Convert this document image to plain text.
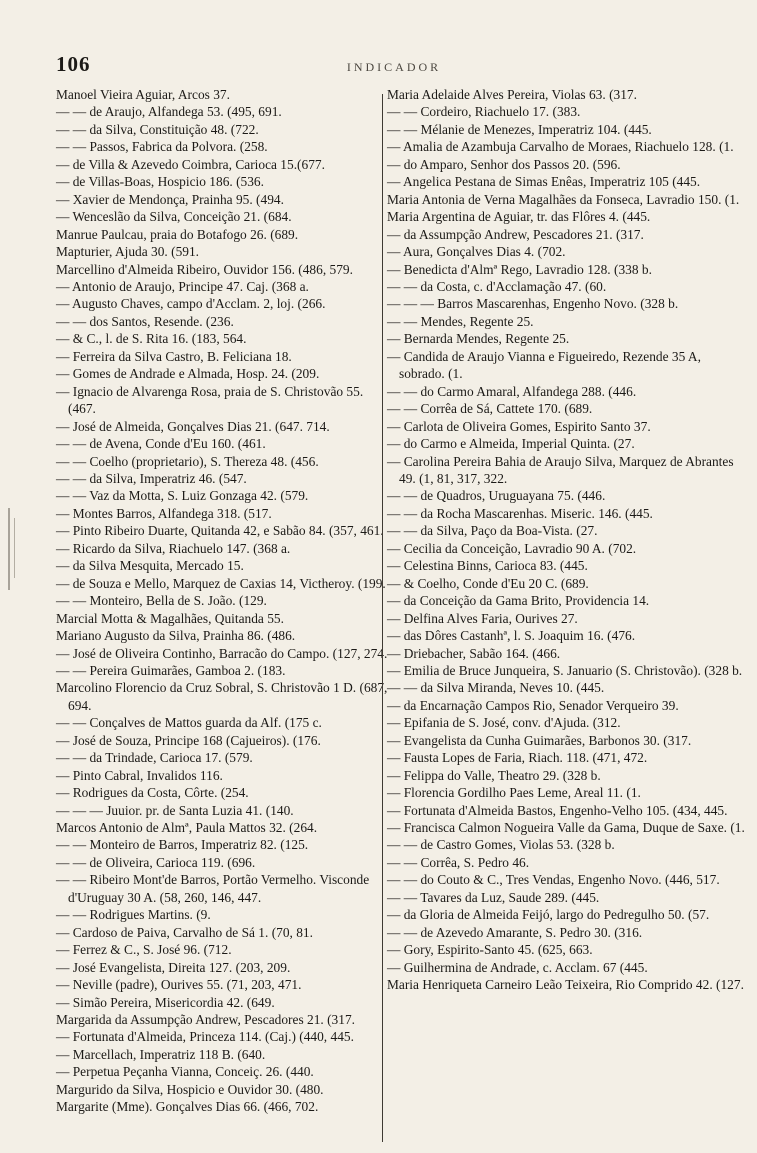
106	INDICADOR

Manoel Vieira Aguiar, Arcos 37.

— — de Araujo, Alfandega 53. (495, 691.

— — da Silva, Constituição 48. (722.

— — Passos, Fabrica da Polvora. (258.

— de Villa & Azevedo Coimbra, Carioca 15.(677.

— de Villas-Boas, Hospicio 186. (536.

— Xavier de Mendonça, Prainha 95. (494.

— Wenceslão da Silva, Conceição 21. (684.

Manrue Paulcau, praia do Botafogo 26. (689.

Mapturier, Ajuda 30. (591.

Marcellino d'Almeida Ribeiro, Ouvidor 156. (486, 579.

— Antonio de Araujo, Principe 47. Caj. (368 a.

— Augusto Chaves, campo d'Acclam. 2, loj. (266.

— — dos Santos, Resende. (236.

— & C., l. de S. Rita 16. (183, 564.

— Ferreira da Silva Castro, B. Feliciana 18.

— Gomes de Andrade e Almada, Hosp. 24. (209.

— Ignacio de Alvarenga Rosa, praia de S. Christovão 55. (467.

— José de Almeida, Gonçalves Dias 21. (647. 714.

— — de Avena, Conde d'Eu 160. (461.

— — Coelho (proprietario), S. Thereza 48. (456.

— — da Silva, Imperatriz 46. (547.

— — Vaz da Motta, S. Luiz Gonzaga 42. (579.

— Montes Barros, Alfandega 318. (517.

— Pinto Ribeiro Duarte, Quitanda 42, e Sabão 84. (357, 461.

— Ricardo da Silva, Riachuelo 147. (368 a.

— da Silva Mesquita, Mercado 15.

— de Souza e Mello, Marquez de Caxias 14, Victheroy. (199.

— — Monteiro, Bella de S. João. (129.

Marcial Motta & Magalhães, Quitanda 55.

Mariano Augusto da Silva, Prainha 86. (486.

— José de Oliveira Continho, Barracão do Campo. (127, 274.

— — Pereira Guimarães, Gamboa 2. (183.

Marcolino Florencio da Cruz Sobral, S. Christovão 1 D. (687, 694.

— — Conçalves de Mattos guarda da Alf. (175 c.

— José de Souza, Principe 168 (Cajueiros). (176.

— — da Trindade, Carioca 17. (579.

— Pinto Cabral, Invalidos 116.

— Rodrigues da Costa, Côrte. (254.

— — — Juuior. pr. de Santa Luzia 41. (140.

Marcos Antonio de Almª, Paula Mattos 32. (264.

— — Monteiro de Barros, Imperatriz 82. (125.

— — de Oliveira, Carioca 119. (696.

— — Ribeiro Mont'de Barros, Portão Vermelho. Visconde d'Uruguay 30 A. (58, 260, 146, 447.

— — Rodrigues Martins. (9.

— Cardoso de Paiva, Carvalho de Sá 1. (70, 81.

— Ferrez & C., S. José 96. (712.

— José Evangelista, Direita 127. (203, 209.

— Neville (padre), Ourives 55. (71, 203, 471.

— Simão Pereira, Misericordia 42. (649.

Margarida da Assumpção Andrew, Pescadores 21. (317.

— Fortunata d'Almeida, Princeza 114. (Caj.) (440, 445.

— Marcellach, Imperatriz 118 B. (640.

— Perpetua Peçanha Vianna, Conceiç. 26. (440.

Margurido da Silva, Hospicio e Ouvidor 30. (480.

Margarite (Mme). Gonçalves Dias 66. (466, 702.

Maria Adelaide Alves Pereira, Violas 63. (317.

— — Cordeiro, Riachuelo 17. (383.

— — Mélanie de Menezes, Imperatriz 104. (445.

— Amalia de Azambuja Carvalho de Moraes, Riachuelo 128. (1.

— do Amparo, Senhor dos Passos 20. (596.

— Angelica Pestana de Simas Enêas, Imperatriz 105 (445.

Maria Antonia de Verna Magalhães da Fonseca, Lavradio 150. (1.

Maria Argentina de Aguiar, tr. das Flôres 4. (445.

— da Assumpção Andrew, Pescadores 21. (317.

— Aura, Gonçalves Dias 4. (702.

— Benedicta d'Almª Rego, Lavradio 128. (338 b.

— — da Costa, c. d'Acclamação 47. (60.

— — — Barros Mascarenhas, Engenho Novo. (328 b.

— — Mendes, Regente 25.

— Bernarda Mendes, Regente 25.

— Candida de Araujo Vianna e Figueiredo, Rezende 35 A, sobrado. (1.

— — do Carmo Amaral, Alfandega 288. (446.

— — Corrêa de Sá, Cattete 170. (689.

— Carlota de Oliveira Gomes, Espirito Santo 37.

— do Carmo e Almeida, Imperial Quinta. (27.

— Carolina Pereira Bahia de Araujo Silva, Marquez de Abrantes 49. (1, 81, 317, 322.

— — de Quadros, Uruguayana 75. (446.

— — da Rocha Mascarenhas. Miseric. 146. (445.

— — da Silva, Paço da Boa-Vista. (27.

— Cecilia da Conceição, Lavradio 90 A. (702.

— Celestina Binns, Carioca 83. (445.

— & Coelho, Conde d'Eu 20 C. (689.

— da Conceição da Gama Brito, Providencia 14.

— Delfina Alves Faria, Ourives 27.

— das Dôres Castanhª, l. S. Joaquim 16. (476.

— Driebacher, Sabão 164. (466.

— Emilia de Bruce Junqueira, S. Januario (S. Christovão). (328 b.

— — da Silva Miranda, Neves 10. (445.

— da Encarnação Campos Rio, Senador Verqueiro 39.

— Epifania de S. José, conv. d'Ajuda. (312.

— Evangelista da Cunha Guimarães, Barbonos 30. (317.

— Fausta Lopes de Faria, Riach. 118. (471, 472.

— Felippa do Valle, Theatro 29. (328 b.

— Florencia Gordilho Paes Leme, Areal 11. (1.

— Fortunata d'Almeida Bastos, Engenho-Velho 105. (434, 445.

— Francisca Calmon Nogueira Valle da Gama, Duque de Saxe. (1.

— — de Castro Gomes, Violas 53. (328 b.

— — Corrêa, S. Pedro 46.

— — do Couto & C., Tres Vendas, Engenho Novo. (446, 517.

— — Tavares da Luz, Saude 289. (445.

— da Gloria de Almeida Feijó, largo do Pedregulho 50. (57.

— — de Azevedo Amarante, S. Pedro 30. (316.

— Gory, Espirito-Santo 45. (625, 663.

— Guilhermina de Andrade, c. Acclam. 67 (445.

Maria Henriqueta Carneiro Leão Teixeira, Rio Comprido 42. (127.
